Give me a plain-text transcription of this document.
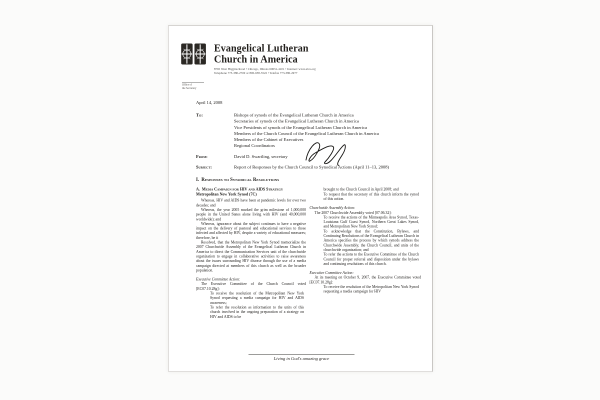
Evangelical Lutheran
Church in America
8765 West Higgins Road • Chicago, Illinois 60631-4101 • Internet: www.elca.org
Telephone 773-380-2700 or 800-638-3522 • Telefax 773-380-2977
Office of
the Secretary
April 14, 2008
To:	Bishops of synods of the Evangelical Lutheran Church in America
Secretaries of synods of the Evangelical Lutheran Church in America
Vice Presidents of synods of the Evangelical Lutheran Church in America
Members of the Church Council of the Evangelical Lutheran Church in America
Members of the Cabinet of Executives
Regional Coordinators
From:	David D. Swartling, secretary
Subject:	Report of Responses by the Church Council to Synodical Actions (April 11–13, 2008)
I.  Responses to Synodical Resolutions
A.  Media Campaign for HIV and AIDS Strategy
Metropolitan New York Synod (7C)
Whereas, HIV and AIDS have been at pandemic levels for over two decades; and
Whereas, the year 2005 marked the grim milestone of 1,000,000 people in the United States alone living with HIV (and 40,000,000 worldwide); and
Whereas, ignorance about the subject continues to have a negative impact on the delivery of pastoral and educational services to those infected and affected by HIV, despite a variety of educational measures; therefore, be it
Resolved, that the Metropolitan New York Synod memorialize the 2007 Churchwide Assembly of the Evangelical Lutheran Church in America to direct the Communication Services unit of the churchwide organization to engage in collaborative activities to raise awareness about the issues surrounding HIV disease through the use of a media campaign directed at members of this church as well as the broader population.
Executive Committee Action:
The Executive Committee of the Church Council voted [EC07.10.28g]:
To receive the resolution of the Metropolitan New York Synod requesting a media campaign for HIV and AIDS awareness;
To refer the resolution as information to the units of this church involved in the ongoing preparation of a strategy on HIV and AIDS to be
brought to the Church Council in April 2008; and
To request that the secretary of this church inform the synod of this action.
Churchwide Assembly Action:
The 2007 Churchwide Assembly voted [07.06.32]:
To receive the actions of the Minneapolis Area Synod, Texas-Louisiana Gulf Coast Synod, Northern Great Lakes Synod, and Metropolitan New York Synod;
To acknowledge that the Constitution, Bylaws, and Continuing Resolutions of the Evangelical Lutheran Church in America specifies the process by which synods address the Churchwide Assembly, the Church Council, and units of the churchwide organization; and
To refer the actions to the Executive Committee of the Church Council for proper referral and disposition under the bylaws and continuing resolutions of this church.
Executive Committee Action:
At its meeting on October 9, 2007, the Executive Committee voted [EC07.10.28g]:
To receive the resolution of the Metropolitan New York Synod requesting a media campaign for HIV
Living in God's amazing grace
